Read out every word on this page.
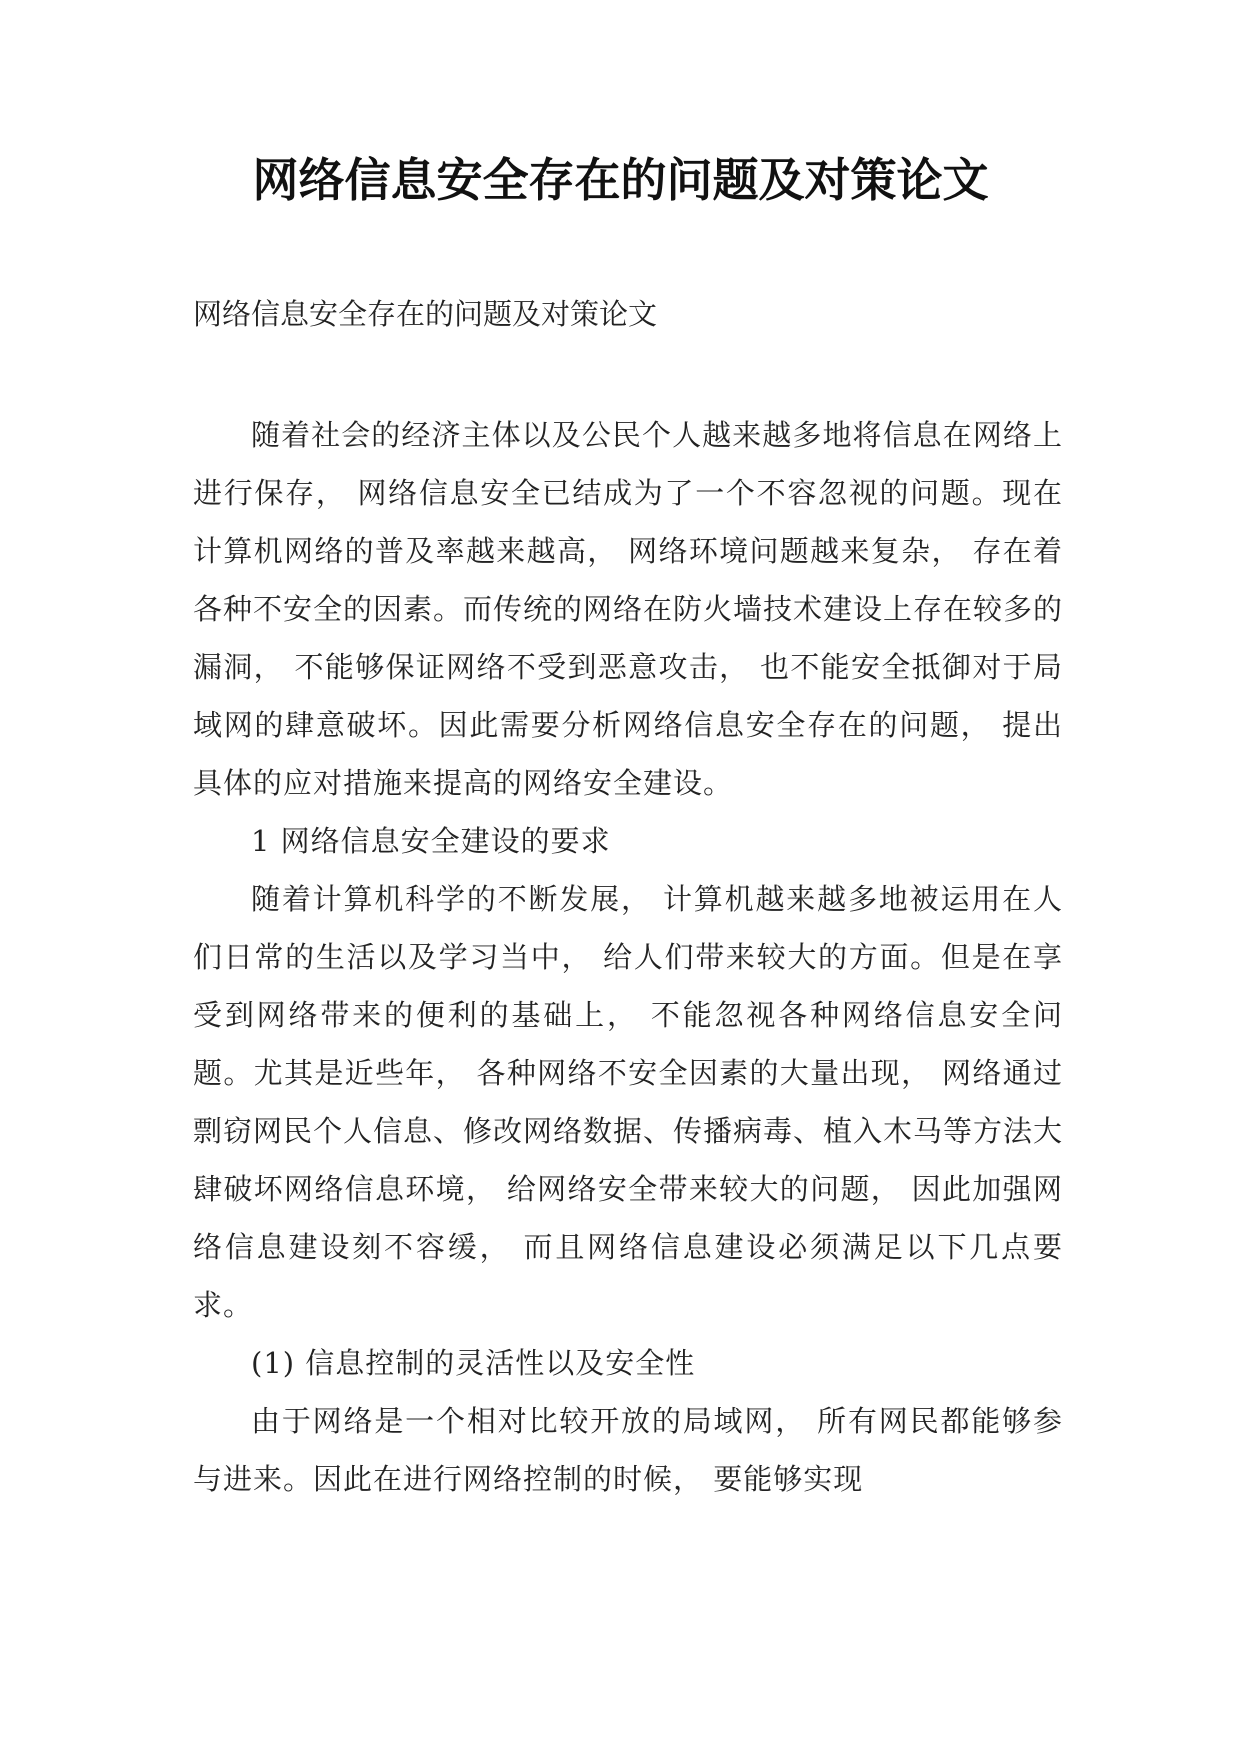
网络信息安全存在的问题及对策论文
网络信息安全存在的问题及对策论文

随着社会的经济主体以及公民个人越来越多地将信息在网络上进行保存， 网络信息安全已结成为了一个不容忽视的问题。现在计算机网络的普及率越来越高， 网络环境问题越来复杂， 存在着各种不安全的因素。而传统的网络在防火墙技术建设上存在较多的漏洞， 不能够保证网络不受到恶意攻击， 也不能安全抵御对于局域网的肆意破坏。因此需要分析网络信息安全存在的问题， 提出具体的应对措施来提高的网络安全建设。

1 网络信息安全建设的要求

随着计算机科学的不断发展， 计算机越来越多地被运用在人们日常的生活以及学习当中， 给人们带来较大的方面。但是在享受到网络带来的便利的基础上， 不能忽视各种网络信息安全问题。尤其是近些年， 各种网络不安全因素的大量出现， 网络通过剽窃网民个人信息、修改网络数据、传播病毒、植入木马等方法大肆破坏网络信息环境， 给网络安全带来较大的问题， 因此加强网络信息建设刻不容缓， 而且网络信息建设必须满足以下几点要求。

(1) 信息控制的灵活性以及安全性

由于网络是一个相对比较开放的局域网， 所有网民都能够参与进来。因此在进行网络控制的时候， 要能够实现
